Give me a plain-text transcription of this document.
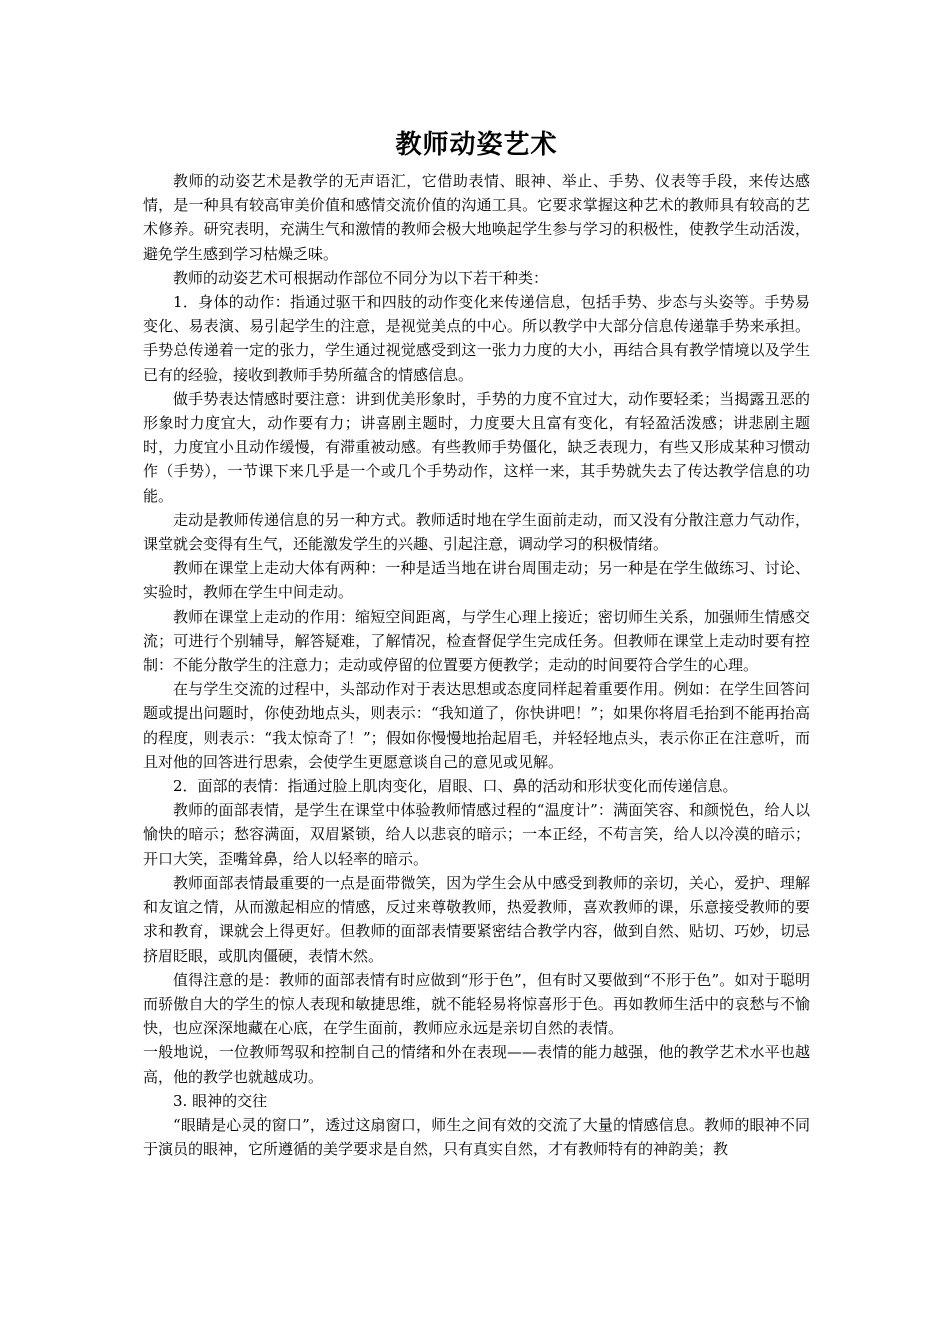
教师动姿艺术

教师的动姿艺术是教学的无声语汇，它借助表情、眼神、举止、手势、仪表等手段，来传达感情，是一种具有较高审美价值和感情交流价值的沟通工具。它要求掌握这种艺术的教师具有较高的艺术修养。研究表明，充满生气和激情的教师会极大地唤起学生参与学习的积极性，使教学生动活泼，避免学生感到学习枯燥乏味。

教师的动姿艺术可根据动作部位不同分为以下若干种类：

1．身体的动作：指通过驱干和四肢的动作变化来传递信息，包括手势、步态与头姿等。手势易变化、易表演、易引起学生的注意，是视觉美点的中心。所以教学中大部分信息传递靠手势来承担。手势总传递着一定的张力，学生通过视觉感受到这一张力力度的大小，再结合具有教学情境以及学生已有的经验，接收到教师手势所蕴含的情感信息。

做手势表达情感时要注意：讲到优美形象时，手势的力度不宜过大，动作要轻柔；当揭露丑恶的形象时力度宜大，动作要有力；讲喜剧主题时，力度要大且富有变化，有轻盈活泼感；讲悲剧主题时，力度宜小且动作缓慢，有滞重被动感。有些教师手势僵化，缺乏表现力，有些又形成某种习惯动作（手势），一节课下来几乎是一个或几个手势动作，这样一来，其手势就失去了传达教学信息的功能。

走动是教师传递信息的另一种方式。教师适时地在学生面前走动，而又没有分散注意力气动作，课堂就会变得有生气，还能激发学生的兴趣、引起注意，调动学习的积极情绪。

教师在课堂上走动大体有两种：一种是适当地在讲台周围走动；另一种是在学生做练习、讨论、实验时，教师在学生中间走动。

教师在课堂上走动的作用：缩短空间距离，与学生心理上接近；密切师生关系，加强师生情感交流；可进行个别辅导，解答疑难，了解情况，检查督促学生完成任务。但教师在课堂上走动时要有控制：不能分散学生的注意力；走动或停留的位置要方便教学；走动的时间要符合学生的心理。

在与学生交流的过程中，头部动作对于表达思想或态度同样起着重要作用。例如：在学生回答问题或提出问题时，你使劲地点头，则表示：“我知道了，你快讲吧！”；如果你将眉毛抬到不能再抬高的程度，则表示：“我太惊奇了！”；假如你慢慢地抬起眉毛，并轻轻地点头，表示你正在注意听，而且对他的回答进行思索，会使学生更愿意谈自己的意见或见解。

2．面部的表情：指通过脸上肌肉变化，眉眼、口、鼻的活动和形状变化而传递信息。

教师的面部表情，是学生在课堂中体验教师情感过程的“温度计”：满面笑容、和颜悦色，给人以愉快的暗示；愁容满面，双眉紧锁，给人以悲哀的暗示；一本正经，不苟言笑，给人以冷漠的暗示；开口大笑，歪嘴耸鼻，给人以轻率的暗示。

教师面部表情最重要的一点是面带微笑，因为学生会从中感受到教师的亲切，关心，爱护、理解和友谊之情，从而激起相应的情感，反过来尊敬教师，热爱教师，喜欢教师的课，乐意接受教师的要求和教育，课就会上得更好。但教师的面部表情要紧密结合教学内容，做到自然、贴切、巧妙，切忌挤眉眨眼，或肌肉僵硬，表情木然。

值得注意的是：教师的面部表情有时应做到“形于色”，但有时又要做到“不形于色”。如对于聪明而骄傲自大的学生的惊人表现和敏捷思维，就不能轻易将惊喜形于色。再如教师生活中的哀愁与不愉快，也应深深地藏在心底，在学生面前，教师应永远是亲切自然的表情。

一般地说，一位教师驾驭和控制自己的情绪和外在表现——表情的能力越强，他的教学艺术水平也越高，他的教学也就越成功。

3. 眼神的交往

“眼睛是心灵的窗口”，透过这扇窗口，师生之间有效的交流了大量的情感信息。教师的眼神不同于演员的眼神，它所遵循的美学要求是自然，只有真实自然，才有教师特有的神韵美；教
